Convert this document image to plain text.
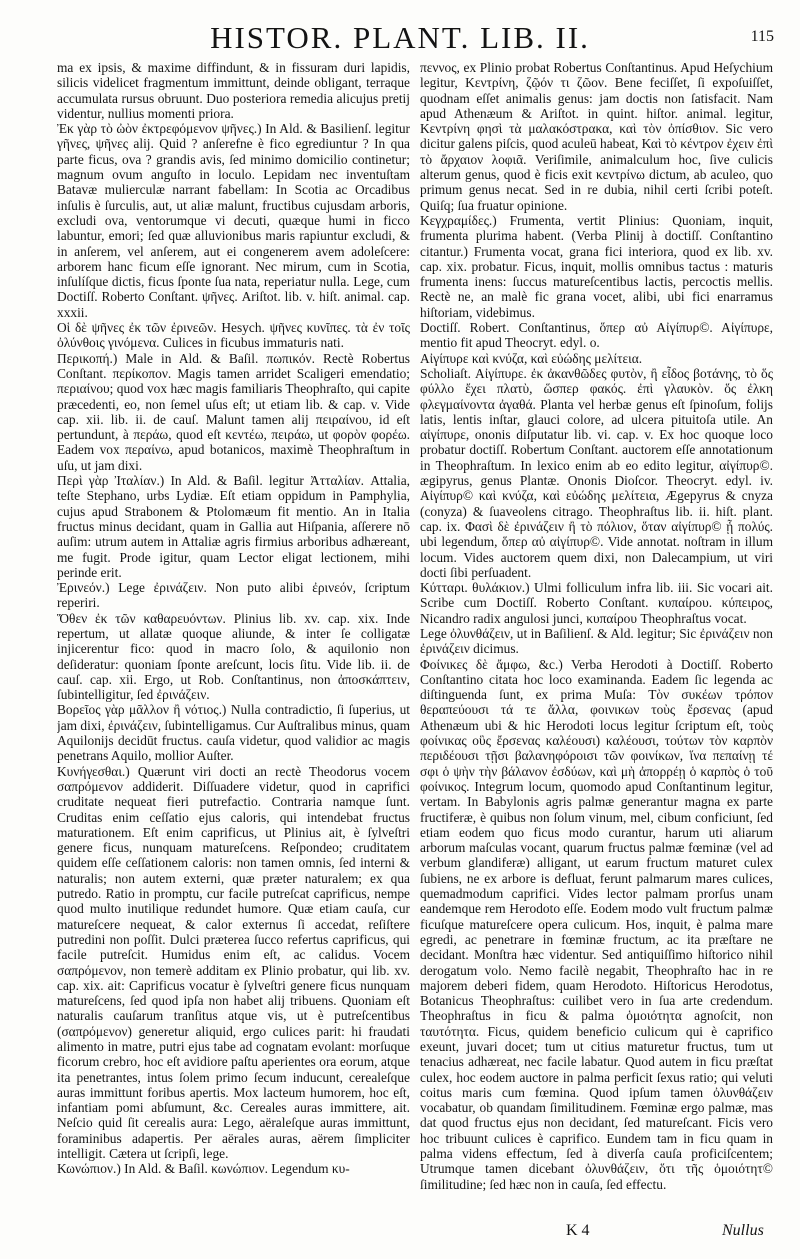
HISTOR. PLANT. LIB. II.	115

ma ex ipsis, & maxime diffindunt, & in fissuram duri lapidis, silicis videlicet fragmentum immittunt, deinde obligant, terraque accumulata rursus obruunt. Duo posteriora remedia alicujus pretij videntur, nullius momenti priora.

Ἐκ γὰρ τὸ ὠὸν ἐκτρεφόμενον ψῆνες.) In Ald. & Basilienſ. legitur γῆνες, ψῆνες alij. Quid ? anſerefne è fico egrediuntur ? In qua parte ficus, ova ? grandis avis, ſed minimo domicilio continetur; magnum ovum anguſto in loculo. Lepidam nec inventuſtam Batavæ mulierculæ narrant fabellam: In Scotia ac Orcadibus inſulis è ſurculis, aut, ut aliæ malunt, fructibus cujusdam arboris, excludi ova, ventorumque vi decuti, quæque humi in ficco labuntur, emori; ſed quæ alluvionibus maris rapiuntur excludi, & in anſerem, vel anſerem, aut ei congenerem avem adoleſcere: arborem hanc ficum eſſe ignorant. Nec mirum, cum in Scotia, inſulíſque dictis, ficus ſponte ſua nata, reperiatur nulla. Lege, cum Doctiſſ. Roberto Conſtant. ψῆνες. Ariſtot. lib. v. hiſt. animal. cap. xxxii.

Οἱ δὲ ψῆνες ἐκ τῶν ἐρινεῶν. Hesych. ψῆνες κυνῖπες. τὰ ἐν τοῖς ὀλύνθοις γινόμενα. Culices in ficubus immaturis nati.

Περικοπή.) Male in Ald. & Baſil. πωπικόν. Rectè Robertus Conſtant. περίκοπον. Magis tamen arridet Scaligeri emendatio; περιαίνου; quod vox hæc magis familiaris Theophraſto, qui capite præcedenti, eo, non ſemel uſus eſt; ut etiam lib. & cap. v. Vide cap. xii. lib. ii. de cauſ. Malunt tamen alij πειραίνου, id eſt pertundunt, à περάω, quod eſt κεντέω, πειράω, ut φορὸν φορέω. Eadem vox περαίνω, apud botanicos, maximè Theophraſtum in uſu, ut jam dixi.

Περὶ γὰρ Ἰταλίαν.) In Ald. & Baſil. legitur Ἀτταλίαν. Attalia, teſte Stephano, urbs Lydiæ. Eſt etiam oppidum in Pamphylia, cujus apud Strabonem & Ptolomæum fit mentio. An in Italia fructus minus decidant, quam in Gallia aut Hiſpania, aſſerere nō auſim: utrum autem in Attaliæ agris firmius arboribus adhæreant, me fugit. Prode igitur, quam Lector eligat lectionem, mihi perinde erit.

Ἐρινεόν.) Lege ἐρινάζειν. Non puto alibi ἐρινεόν, ſcriptum reperiri.

Ὅθεν ἐκ τῶν καθαρευόντων. Plinius lib. xv. cap. xix. Inde repertum, ut allatæ quoque aliunde, & inter ſe colligatæ injicerentur fico: quod in macro ſolo, & aquilonio non deſideratur: quoniam ſponte areſcunt, locis ſitu. Vide lib. ii. de cauſ. cap. xii. Ergo, ut Rob. Conſtantinus, non ἀποσκάπτειν, ſubintelligitur, ſed ἐρινάζειν.

Βορεῖος γὰρ μᾶλλον ἢ νότιος.) Nulla contradictio, ſi ſuperius, ut jam dixi, ἐρινάζειν, ſubintelligamus. Cur Auſtralibus minus, quam Aquilonijs decidūt fructus. cauſa videtur, quod validior ac magis penetrans Aquilo, mollior Auſter.

Κυνήγεσθαι.) Quærunt viri docti an rectè Theodorus vocem σαπρόμενον addiderit. Diſſuadere videtur, quod in caprifici cruditate nequeat fieri putrefactio. Contraria namque ſunt. Cruditas enim ceſſatio ejus caloris, qui intendebat fructus maturationem. Eſt enim caprificus, ut Plinius ait, è ſylveſtri genere ficus, nunquam matureſcens. Reſpondeo; cruditatem quidem eſſe ceſſationem caloris: non tamen omnis, ſed interni & naturalis; non autem externi, quæ præter naturalem; ex qua putredo. Ratio in promptu, cur facile putreſcat caprificus, nempe quod multo inutilique redundet humore. Quæ etiam cauſa, cur matureſcere nequeat, & calor externus ſi accedat, reſiſtere putredini non poſſit. Dulci præterea ſucco refertus caprificus, qui facile putreſcit. Humidus enim eſt, ac calidus. Vocem σαπρόμενον, non temerè additam ex Plinio probatur, qui lib. xv. cap. xix. ait: Caprificus vocatur è ſylveſtri genere ficus nunquam matureſcens, ſed quod ipſa non habet alij tribuens. Quoniam eſt naturalis cauſarum tranſitus atque vis, ut è putreſcentibus (σαπρόμενον) generetur aliquid, ergo culices parit: hi fraudati alimento in matre, putri ejus tabe ad cognatam evolant: morſuque ficorum crebro, hoc eſt avidiore paſtu aperientes ora eorum, atque ita penetrantes, intus ſolem primo ſecum inducunt, cerealeſque auras immittunt foribus apertis. Mox lacteum humorem, hoc eſt, infantiam pomi abſumunt, &c. Cereales auras immittere, ait. Neſcio quid ſit cerealis aura: Lego, aëraleſque auras immittunt, foraminibus adapertis. Per aërales auras, aërem ſimpliciter intelligit. Cætera ut ſcripſi, lege.

Κωνώπιον.) In Ald. & Baſil. κωνώπιον. Legendum κυ-

πεννος, ex Plinio probat Robertus Conſtantinus. Apud Heſychium legitur, Κεντρίνη, ζῷόν τι ζῶον. Bene feciſſet, ſi expoſuiſſet, quodnam eſſet animalis genus: jam doctis non ſatisfacit. Nam apud Athenæum & Ariſtot. in quint. hiſtor. animal. legitur, Κεντρίνη φησὶ τὰ μαλακόστρακα, καὶ τὸν ὀπίσθιον. Sic vero dicitur galens piſcis, quod aculeū habeat, Καὶ τὸ κέντρον ἐχειν ἐπὶ τὸ ἄρχαιον λοφιᾶ. Veriſimile, animalculum hoc, ſive culicis alterum genus, quod è ficis exit κεντρίνω dictum, ab aculeo, quo primum genus necat. Sed in re dubia, nihil certi ſcribi poteſt. Quiſq; ſua fruatur opinione.

Κεγχραμίδες.) Frumenta, vertit Plinius: Quoniam, inquit, frumenta plurima habent. (Verba Plinij à doctiſſ. Conſtantino citantur.) Frumenta vocat, grana fici interiora, quod ex lib. xv. cap. xix. probatur. Ficus, inquit, mollis omnibus tactus : maturis frumenta inens: ſuccus matureſcentibus lactis, percoctis mellis. Rectè ne, an malè fic grana vocet, alibi, ubi fici enarramus hiſtoriam, videbimus.

Doctiſſ. Robert. Conſtantinus, ὅπερ αὐ Αἰγίπυρ©. Αἰγίπυρε, mentio fit apud Theocryt. edyl. ο.

Αἰγίπυρε καὶ κνύζα, καὶ εὐώδης μελίτεια.

Scholiaſt. Αἰγίπυρε. ἐκ ἀκανθῶδες φυτὸν, ἢ εἶδος βοτάνης, τὸ ὅς φύλλο ἔχει πλατὺ, ὥσπερ φακός. ἐπὶ γλαυκὸν. ὅς ἐλκη φλεγμαίνοντα ἀγαθά. Planta vel herbæ genus eſt ſpinoſum, folijs latis, lentis inſtar, glauci colore, ad ulcera pituitoſa utile. An αἰγίπυρε, ononis diſputatur lib. vi. cap. v. Ex hoc quoque loco probatur doctiſſ. Robertum Conſtant. auctorem eſſe annotationum in Theophraſtum. In lexico enim ab eo edito legitur, αἰγίπυρ©. ægipyrus, genus Plantæ. Ononis Dioſcor. Theocryt. edyl. iv. Αἰγίπυρ© καὶ κνύζα, καὶ εὐώδης μελίτεια, Ægepyrus & cnyza (conyza) & ſuaveolens citrago. Theophraſtus lib. ii. hiſt. plant. cap. ix. Φασὶ δὲ ἐρινάζειν ἢ τὸ πόλιον, ὅταν αἰγίπυρ© ᾖ πολύς. ubi legendum, ὅπερ αὐ αἰγίπυρ©. Vide annotat. noſtram in illum locum. Vides auctorem quem dixi, non Dalecampium, ut viri docti ſibi perſuadent.

Κύτταρι. θυλάκιον.) Ulmi folliculum infra lib. iii. Sic vocari ait. Scribe cum Doctiſſ. Roberto Conſtant. κυπαίρου. κύπειρος, Nicandro radix angulosi junci, κυπαίρου Theophraſtus vocat.

Lege ὀλυνθάζειν, ut in Baſilienſ. & Ald. legitur; Sic ἐρινάζειν non ἐρινάζειν dicimus.

Φοίνικες δὲ ἄμφω, &c.) Verba Herodoti à Doctiſſ. Roberto Conſtantino citata hoc loco examinanda. Eadem ſic legenda ac diſtinguenda ſunt, ex prima Muſa: Τὸν συκέων τρόπον θεραπεύουσι τά τε ἄλλα, φοινικων τοὺς ἔρσενας (apud Athenæum ubi & hic Herodoti locus legitur ſcriptum eſt, τοὺς φοίνικας οὓς ἔρσενας καλέουσι) καλέουσι, τούτων τὸν καρπὸν περιδέουσι τῇσι βαλανηφόροισι τῶν φοινίκων, ἵνα πεπαίνῃ τέ σφι ὁ ψὴν τὴν βάλανον ἐσδύων, καὶ μὴ ἀπορρέῃ ὁ καρπὸς ὁ τοῦ φοίνικος. Integrum locum, quomodo apud Conſtantinum legitur, vertam. In Babylonis agris palmæ generantur magna ex parte fructiferæ, è quibus non ſolum vinum, mel, cibum conficiunt, ſed etiam eodem quo ficus modo curantur, harum uti aliarum arborum maſculas vocant, quarum fructus palmæ fœminæ (vel ad verbum glandiferæ) alligant, ut earum fructum maturet culex ſubiens, ne ex arbore is defluat, ferunt palmarum mares culices, quemadmodum caprifici. Vides lector palmam prorſus unam eandemque rem Herodoto eſſe. Eodem modo vult fructum palmæ ficuſque matureſcere opera culicum. Hos, inquit, è palma mare egredi, ac penetrare in fœminæ fructum, ac ita præſtare ne decidant. Monſtra hæc videntur. Sed antiquiſſimo hiſtorico nihil derogatum volo. Nemo facilè negabit, Theophraſto hac in re majorem deberi fidem, quam Herodoto. Hiſtoricus Herodotus, Botanicus Theophraſtus: cuilibet vero in ſua arte credendum. Theophraſtus in ficu & palma ὁμοιότητα agnoſcit, non ταυτότητα. Ficus, quidem beneficio culicum qui è caprifico exeunt, juvari docet; tum ut citius maturetur fructus, tum ut tenacius adhæreat, nec facile labatur. Quod autem in ficu præſtat culex, hoc eodem auctore in palma perficit ſexus ratio; qui veluti coitus maris cum fœmina. Quod ipſum tamen ὀλυνθάζειν vocabatur, ob quandam ſimilitudinem. Fœminæ ergo palmæ, mas dat quod fructus ejus non decidant, ſed matureſcant. Ficis vero hoc tribuunt culices è caprifico. Eundem tam in ficu quam in palma videns effectum, ſed à diverſa cauſa proficiſcentem; Utrumque tamen dicebant ὀλυνθάζειν, ὅτι τῆς ὁμοιότητ© ſimilitudine; ſed hæc non in cauſa, ſed effectu.

K 4	Nullus
